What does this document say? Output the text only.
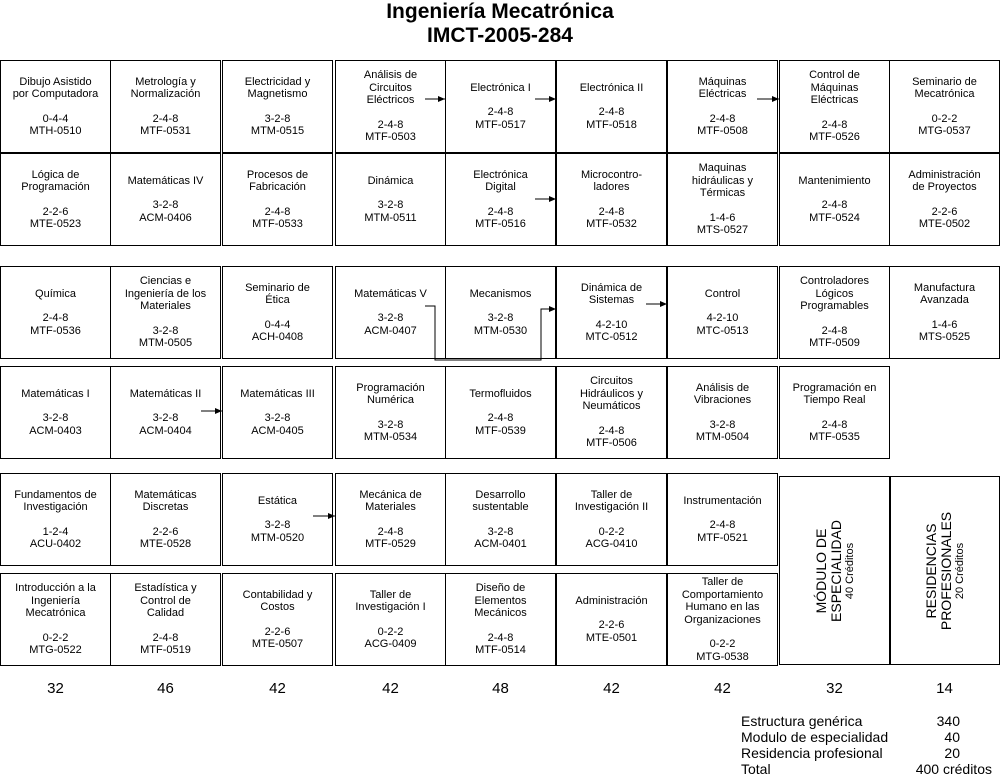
Ingeniería Mecatrónica
IMCT-2005-284
Dibujo Asistido
por Computadora
0-4-4
MTH-0510
Metrología y
Normalización
2-4-8
MTF-0531
Electricidad y
Magnetismo
3-2-8
MTM-0515
Análisis de
Circuitos
Eléctricos
2-4-8
MTF-0503
Electrónica I
2-4-8
MTF-0517
Electrónica II
2-4-8
MTF-0518
Máquinas
Eléctricas
2-4-8
MTF-0508
Control de
Máquinas
Eléctricas
2-4-8
MTF-0526
Seminario de
Mecatrónica
0-2-2
MTG-0537
Lógica de
Programación
2-2-6
MTE-0523
Matemáticas IV
3-2-8
ACM-0406
Procesos de
Fabricación
2-4-8
MTF-0533
Dinámica
3-2-8
MTM-0511
Electrónica
Digital
2-4-8
MTF-0516
Microcontro-
ladores
2-4-8
MTF-0532
Maquinas
hidráulicas y
Térmicas
1-4-6
MTS-0527
Mantenimiento
2-4-8
MTF-0524
Administración
de Proyectos
2-2-6
MTE-0502
Química
2-4-8
MTF-0536
Ciencias e
Ingeniería de los
Materiales
3-2-8
MTM-0505
Seminario de
Ética
0-4-4
ACH-0408
Matemáticas V
3-2-8
ACM-0407
Mecanismos
3-2-8
MTM-0530
Dinámica de
Sistemas
4-2-10
MTC-0512
Control
4-2-10
MTC-0513
Controladores
Lógicos
Programables
2-4-8
MTF-0509
Manufactura
Avanzada
1-4-6
MTS-0525
Matemáticas I
3-2-8
ACM-0403
Matemáticas II
3-2-8
ACM-0404
Matemáticas III
3-2-8
ACM-0405
Programación
Numérica
3-2-8
MTM-0534
Termofluidos
2-4-8
MTF-0539
Circuitos
Hidráulicos y
Neumáticos
2-4-8
MTF-0506
Análisis de
Vibraciones
3-2-8
MTM-0504
Programación en
Tiempo Real
2-4-8
MTF-0535
Fundamentos de
Investigación
1-2-4
ACU-0402
Matemáticas
Discretas
2-2-6
MTE-0528
Estática
3-2-8
MTM-0520
Mecánica de
Materiales
2-4-8
MTF-0529
Desarrollo
sustentable
3-2-8
ACM-0401
Taller de
Investigación II
0-2-2
ACG-0410
Instrumentación
2-4-8
MTF-0521
Introducción a la
Ingeniería
Mecatrónica
0-2-2
MTG-0522
Estadística y
Control de
Calidad
2-4-8
MTF-0519
Contabilidad y
Costos
2-2-6
MTE-0507
Taller de
Investigación I
0-2-2
ACG-0409
Diseño de
Elementos
Mecánicos
2-4-8
MTF-0514
Administración
2-2-6
MTE-0501
Taller de
Comportamiento
Humano en las
Organizaciones
0-2-2
MTG-0538
MÓDULO DE
ESPECIALIDAD 40 Créditos	RESIDENCIAS
PROFESIONALES 20 Créditos
32	46	42	42	48	42	42	32	14
Estructura genérica	340
Modulo de especialidad	40
Residencia profesional	20
Total	400 créditos
